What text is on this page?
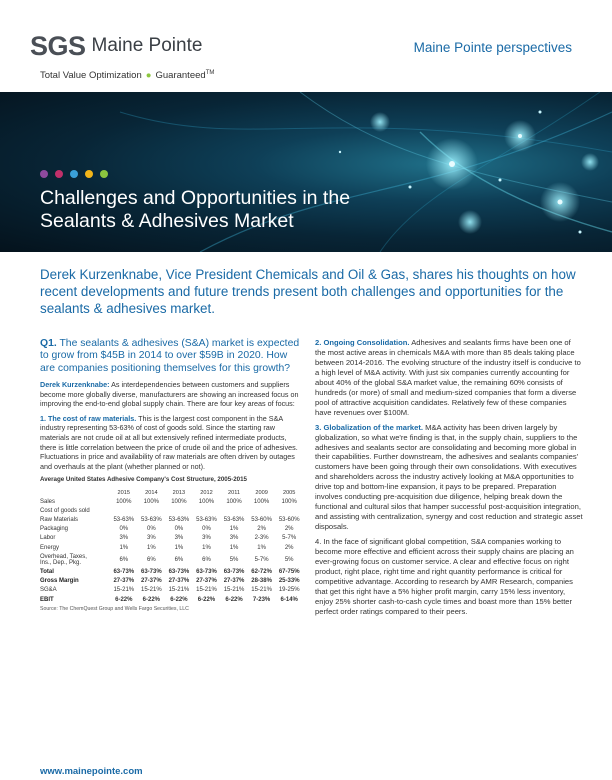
SGS Maine Pointe
Total Value Optimization ● Guaranteed™
Maine Pointe perspectives
Challenges and Opportunities in the
Sealants & Adhesives Market

Derek Kurzenknabe, Vice President Chemicals and Oil & Gas, shares his thoughts on how recent developments and future trends present both challenges and opportunities for the sealants & adhesives market.

Q1. The sealants & adhesives (S&A) market is expected to grow from $45B in 2014 to over $59B in 2020. How are companies positioning themselves for this growth?

Derek Kurzenknabe: As interdependencies between customers and suppliers become more globally diverse, manufacturers are showing an increased focus on improving the end-to-end global supply chain. There are four key areas of focus:

1. The cost of raw materials. This is the largest cost component in the S&A industry representing 53-63% of cost of goods sold. Since the starting raw materials are not crude oil at all but extensively refined intermediate products, there is little correlation between the price of crude oil and the price of adhesives. Fluctuations in price and availability of raw materials are often driven by outages and overhauls at the plant (whether planned or not).

Average United States Adhesive Company's Cost Structure, 2005-2015
	2015	2014	2013	2012	2011	2009	2005
Sales	100%	100%	100%	100%	100%	100%	100%
Cost of goods sold							
Raw Materials	53-63%	53-63%	53-63%	53-63%	53-63%	53-60%	53-60%
Packaging	0%	0%	0%	0%	1%	2%	2%
Labor	3%	3%	3%	3%	3%	2-3%	5-7%
Energy	1%	1%	1%	1%	1%	1%	2%
Overhead, Taxes,
Ins., Dep., Pkg.	6%	6%	6%	6%	5%	5-7%	5%
Total	63-73%	63-73%	63-73%	63-73%	63-73%	62-72%	67-75%
Gross Margin	27-37%	27-37%	27-37%	27-37%	27-37%	28-38%	25-33%
SG&A	15-21%	15-21%	15-21%	15-21%	15-21%	15-21%	19-25%
EBIT	6-22%	6-22%	6-22%	6-22%	6-22%	7-23%	6-14%
Source: The ChemQuest Group and Wells Fargo Securities, LLC

2. Ongoing Consolidation. Adhesives and sealants firms have been one of the most active areas in chemicals M&A with more than 85 deals taking place between 2014-2016. The evolving structure of the industry itself is conducive to a high level of M&A activity. With just six companies currently accounting for about 40% of the global S&A market value, the remaining 60% consists of hundreds (or more) of small and medium-sized companies that form a diverse pool of attractive acquisition candidates. Relatively few of these companies have revenues over $100M.

3. Globalization of the market. M&A activity has been driven largely by globalization, so what we're finding is that, in the supply chain, suppliers to the adhesives and sealants sector are consolidating and becoming more global in their capabilities. Further downstream, the adhesives and sealants companies' customers have been going through their own consolidations. With executives and shareholders across the industry actively looking at M&A opportunities to drive top and bottom-line expansion, it pays to be prepared. Preparation involves conducting pre-acquisition due diligence, helping break down the functional and cultural silos that hamper successful post-acquisition integration, and assisting with centralization, synergy and cost reduction and strategic asset disposals.

4. In the face of significant global competition, S&A companies working to become more effective and efficient across their supply chains are placing an ever-growing focus on customer service. A clear and effective focus on right product, right place, right time and right quantity performance is critical for competitive advantage. According to research by AMR Research, companies that get this right have a 5% higher profit margin, carry 15% less inventory, enjoy 25% shorter cash-to-cash cycle times and boast more than 15% better perfect order ratings compared to their peers.

www.mainepointe.com
